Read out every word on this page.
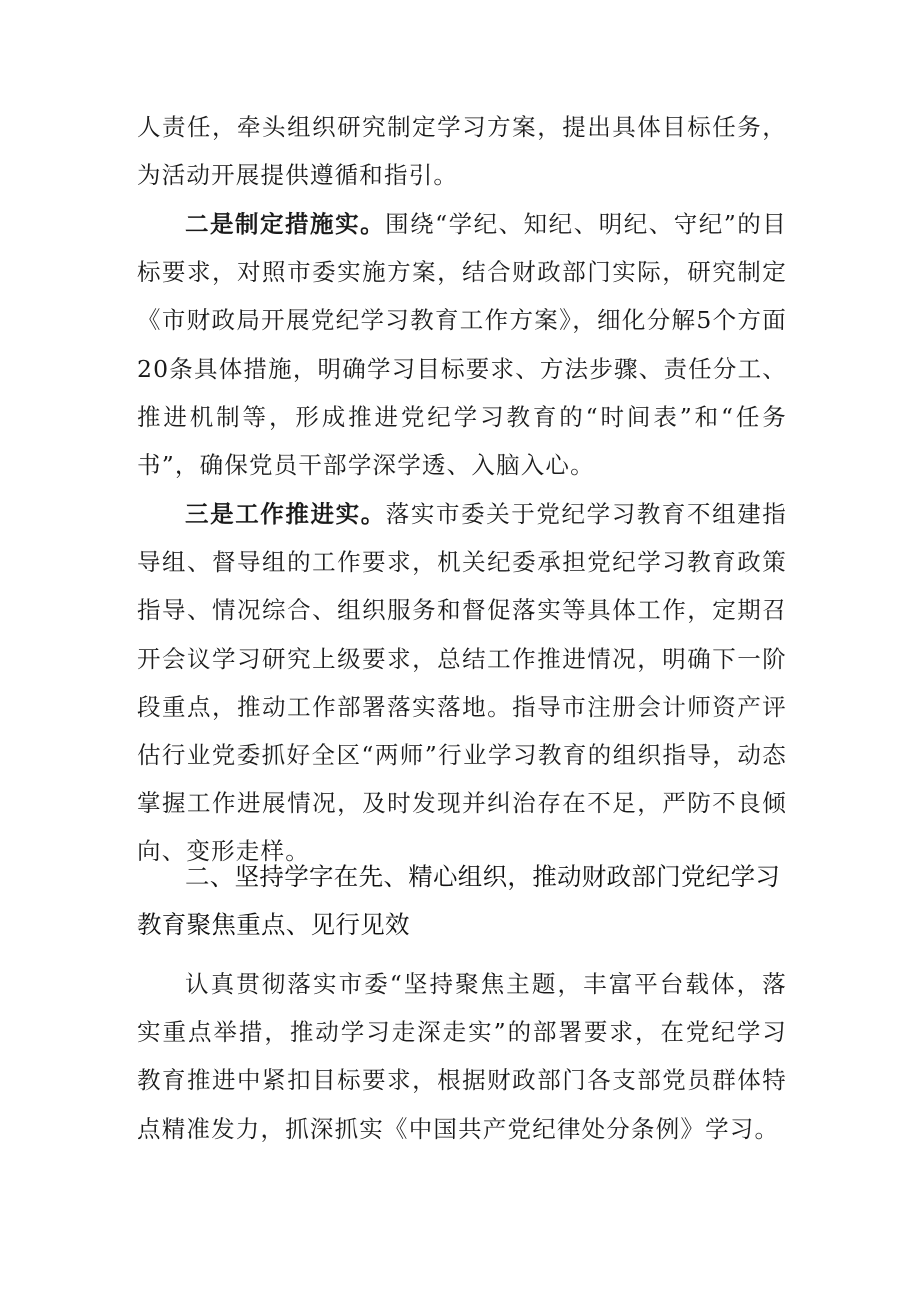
人责任，牵头组织研究制定学习方案，提出具体目标任务，为活动开展提供遵循和指引。

二是制定措施实。围绕“学纪、知纪、明纪、守纪”的目标要求，对照市委实施方案，结合财政部门实际，研究制定《市财政局开展党纪学习教育工作方案》，细化分解5个方面20条具体措施，明确学习目标要求、方法步骤、责任分工、推进机制等，形成推进党纪学习教育的“时间表”和“任务书”，确保党员干部学深学透、入脑入心。

三是工作推进实。落实市委关于党纪学习教育不组建指导组、督导组的工作要求，机关纪委承担党纪学习教育政策指导、情况综合、组织服务和督促落实等具体工作，定期召开会议学习研究上级要求，总结工作推进情况，明确下一阶段重点，推动工作部署落实落地。指导市注册会计师资产评估行业党委抓好全区“两师”行业学习教育的组织指导，动态掌握工作进展情况，及时发现并纠治存在不足，严防不良倾向、变形走样。

二、坚持学字在先、精心组织，推动财政部门党纪学习教育聚焦重点、见行见效

认真贯彻落实市委“坚持聚焦主题，丰富平台载体，落实重点举措，推动学习走深走实”的部署要求，在党纪学习教育推进中紧扣目标要求，根据财政部门各支部党员群体特点精准发力，抓深抓实《中国共产党纪律处分条例》学习。
